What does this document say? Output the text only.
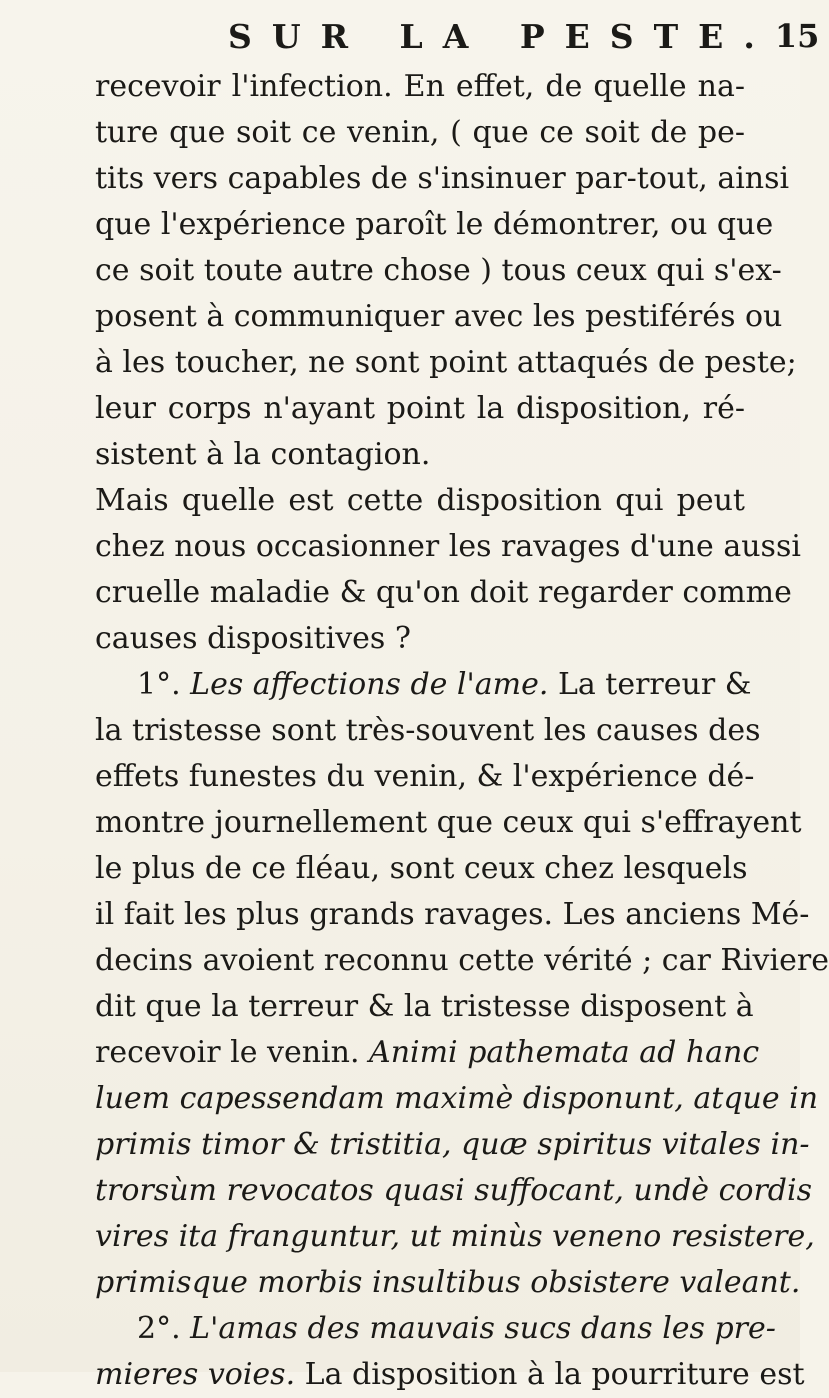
SUR LA PESTE. 15
recevoir l'infection. En effet, de quelle na-
ture que soit ce venin, ( que ce soit de pe-
tits vers capables de s'insinuer par-tout, ainsi
que l'expérience paroît le démontrer, ou que
ce soit toute autre chose ) tous ceux qui s'ex-
posent à communiquer avec les pestiférés ou
à les toucher, ne sont point attaqués de peste;
leur corps n'ayant point la disposition, ré-
sistent à la contagion.
Mais quelle est cette disposition qui peut
chez nous occasionner les ravages d'une aussi
cruelle maladie & qu'on doit regarder comme
causes dispositives ?
1°. Les affections de l'ame. La terreur &
la tristesse sont très-souvent les causes des
effets funestes du venin, & l'expérience dé-
montre journellement que ceux qui s'effrayent
le plus de ce fléau, sont ceux chez lesquels
il fait les plus grands ravages. Les anciens Mé-
decins avoient reconnu cette vérité ; car Riviere
dit que la terreur & la tristesse disposent à
recevoir le venin. Animi pathemata ad hanc
luem capessendam maximè disponunt, atque in
primis timor & tristitia, quæ spiritus vitales in-
trorsùm revocatos quasi suffocant, undè cordis
vires ita franguntur, ut minùs veneno resistere,
primisque morbis insultibus obsistere valeant.
2°. L'amas des mauvais sucs dans les pre-
mieres voies. La disposition à la pourriture est
